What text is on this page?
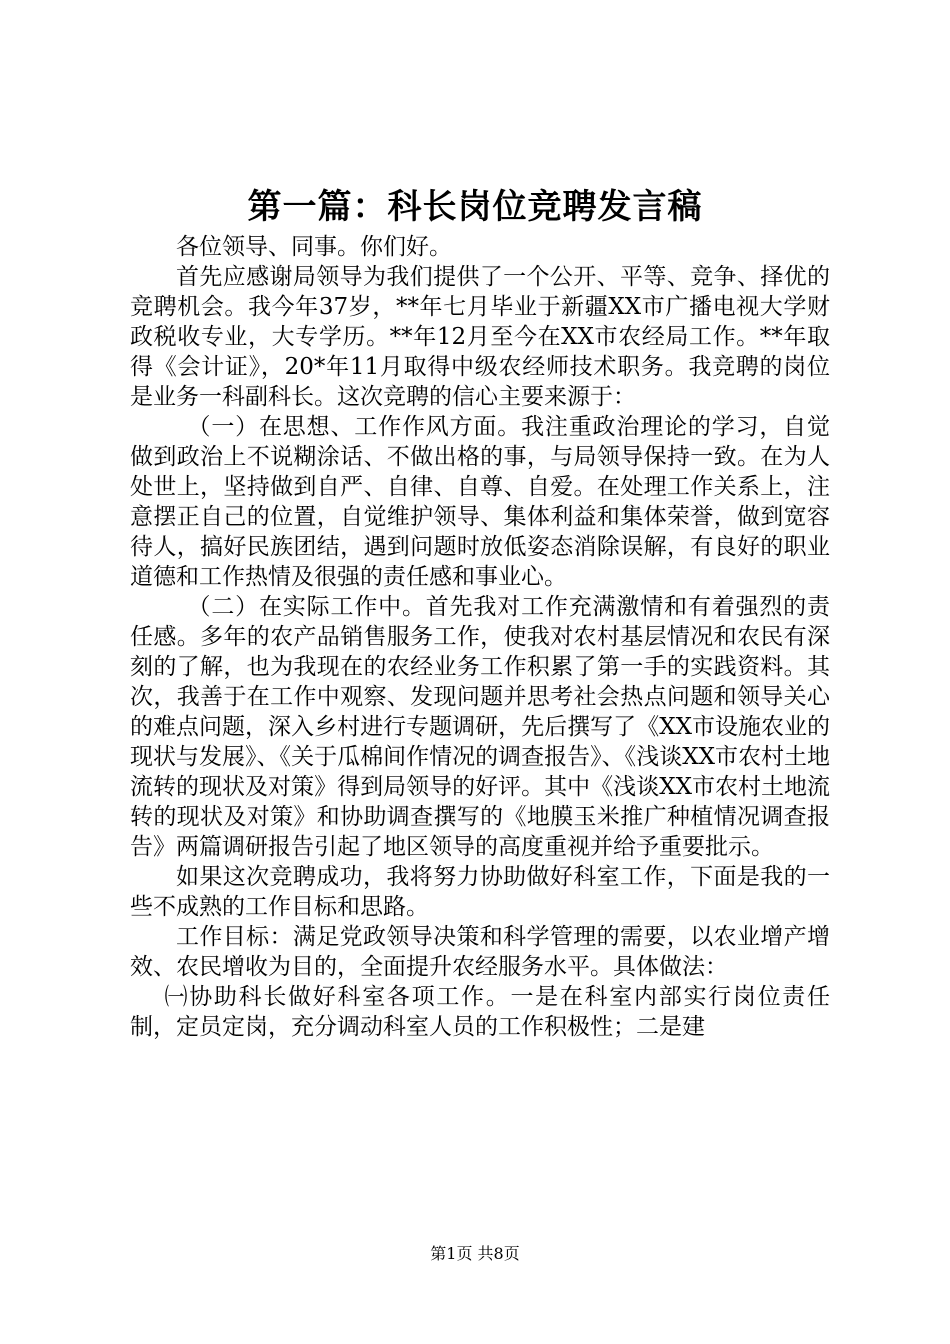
第一篇：科长岗位竞聘发言稿

各位领导、同事。你们好。

首先应感谢局领导为我们提供了一个公开、平等、竞争、择优的竞聘机会。我今年37岁，**年七月毕业于新疆XX市广播电视大学财政税收专业，大专学历。**年12月至今在XX市农经局工作。**年取得《会计证》，20*年11月取得中级农经师技术职务。我竞聘的岗位是业务一科副科长。这次竞聘的信心主要来源于：

（一）在思想、工作作风方面。我注重政治理论的学习，自觉做到政治上不说糊涂话、不做出格的事，与局领导保持一致。在为人处世上，坚持做到自严、自律、自尊、自爱。在处理工作关系上，注意摆正自己的位置，自觉维护领导、集体利益和集体荣誉，做到宽容待人，搞好民族团结，遇到问题时放低姿态消除误解，有良好的职业道德和工作热情及很强的责任感和事业心。

（二）在实际工作中。首先我对工作充满激情和有着强烈的责任感。多年的农产品销售服务工作，使我对农村基层情况和农民有深刻的了解，也为我现在的农经业务工作积累了第一手的实践资料。其次，我善于在工作中观察、发现问题并思考社会热点问题和领导关心的难点问题，深入乡村进行专题调研，先后撰写了《XX市设施农业的现状与发展》、《关于瓜棉间作情况的调查报告》、《浅谈XX市农村土地流转的现状及对策》得到局领导的好评。其中《浅谈XX市农村土地流转的现状及对策》和协助调查撰写的《地膜玉米推广种植情况调查报告》两篇调研报告引起了地区领导的高度重视并给予重要批示。

如果这次竞聘成功，我将努力协助做好科室工作，下面是我的一些不成熟的工作目标和思路。

工作目标：满足党政领导决策和科学管理的需要，以农业增产增效、农民增收为目的，全面提升农经服务水平。具体做法：

㈠协助科长做好科室各项工作。一是在科室内部实行岗位责任制，定员定岗，充分调动科室人员的工作积极性；二是建

第1页 共8页
